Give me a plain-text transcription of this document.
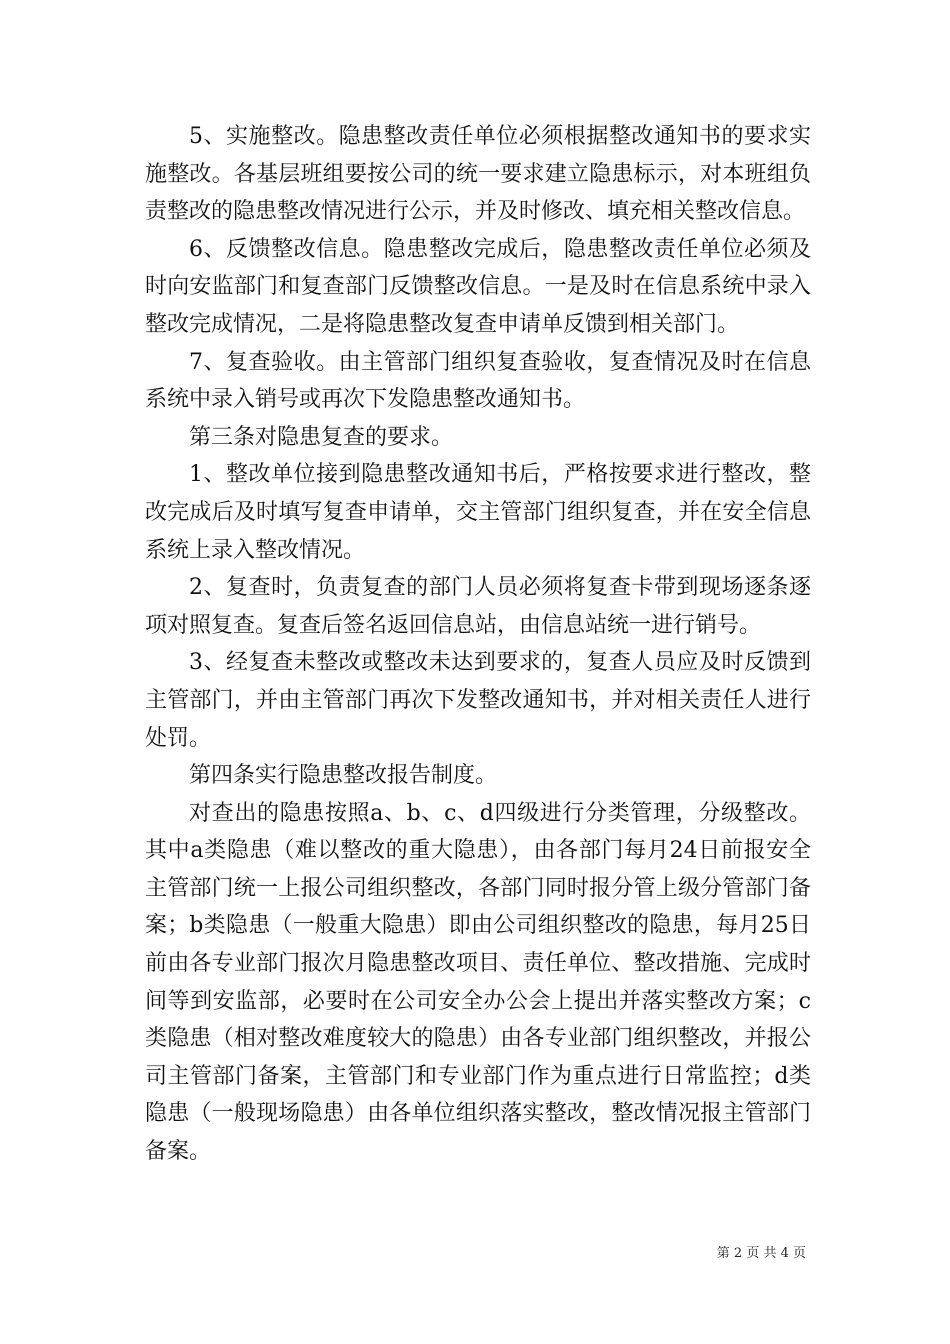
5、实施整改。隐患整改责任单位必须根据整改通知书的要求实施整改。各基层班组要按公司的统一要求建立隐患标示，对本班组负责整改的隐患整改情况进行公示，并及时修改、填充相关整改信息。

6、反馈整改信息。隐患整改完成后，隐患整改责任单位必须及时向安监部门和复查部门反馈整改信息。一是及时在信息系统中录入整改完成情况，二是将隐患整改复查申请单反馈到相关部门。

7、复查验收。由主管部门组织复查验收，复查情况及时在信息系统中录入销号或再次下发隐患整改通知书。

第三条对隐患复查的要求。

1、整改单位接到隐患整改通知书后，严格按要求进行整改，整改完成后及时填写复查申请单，交主管部门组织复查，并在安全信息系统上录入整改情况。

2、复查时，负责复查的部门人员必须将复查卡带到现场逐条逐项对照复查。复查后签名返回信息站，由信息站统一进行销号。

3、经复查未整改或整改未达到要求的，复查人员应及时反馈到主管部门，并由主管部门再次下发整改通知书，并对相关责任人进行处罚。

第四条实行隐患整改报告制度。

对查出的隐患按照a、b、c、d四级进行分类管理，分级整改。其中a类隐患（难以整改的重大隐患），由各部门每月24日前报安全主管部门统一上报公司组织整改，各部门同时报分管上级分管部门备案；b类隐患（一般重大隐患）即由公司组织整改的隐患，每月25日前由各专业部门报次月隐患整改项目、责任单位、整改措施、完成时间等到安监部，必要时在公司安全办公会上提出并落实整改方案；c类隐患（相对整改难度较大的隐患）由各专业部门组织整改，并报公司主管部门备案，主管部门和专业部门作为重点进行日常监控；d类隐患（一般现场隐患）由各单位组织落实整改，整改情况报主管部门备案。

第 2 页 共 4 页
